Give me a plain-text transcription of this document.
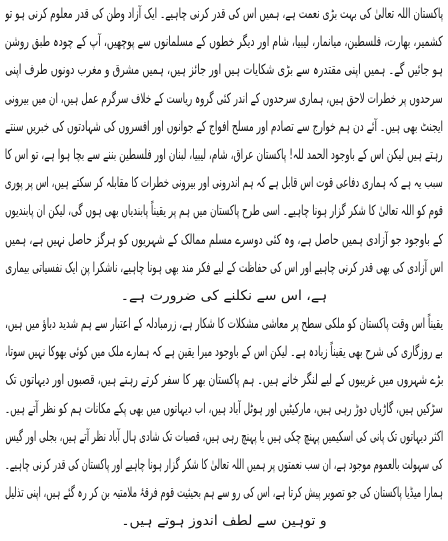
پاکستان اللہ تعالیٰ کی بہت بڑی نعمت ہے، ہمیں اس کی قدر کرنی چاہیے۔ ایک آزاد وطن کی قدر معلوم کرنی ہو تو
کشمیر، بھارت، فلسطین، میانمار، لیبیا، شام اور دیگر خطوں کے مسلمانوں سے پوچھیں، آپ کے چودہ طبق روشن
ہو جائیں گے۔ ہمیں اپنی مقتدرہ سے بڑی شکایات ہیں اور جائز ہیں، ہمیں مشرق و مغرب دونوں طرف اپنی
سرحدوں پر خطرات لاحق ہیں، ہماری سرحدوں کے اندر کئی گروہ ریاست کے خلاف سرگرم عمل ہیں، ان میں بیرونی
ایجنٹ بھی ہیں۔ آئے دن ہم خوارج سے تصادم اور مسلح افواج کے جوانوں اور افسروں کی شہادتوں کی خبریں سنتے
رہتے ہیں لیکن اس کے باوجود الحمد للہ! پاکستان عراق، شام، لیبیا، لبنان اور فلسطین بننے سے بچا ہوا ہے، تو اس کا
سبب یہ ہے کہ ہماری دفاعی قوت اس قابل ہے کہ ہم اندرونی اور بیرونی خطرات کا مقابلہ کر سکتے ہیں، اس پر پوری
قوم کو اللہ تعالیٰ کا شکر گزار ہونا چاہیے۔ اسی طرح پاکستان میں ہم پر یقیناً پابندیاں بھی ہوں گی، لیکن ان پابندیوں
کے باوجود جو آزادی ہمیں حاصل ہے، وہ کئی دوسرے مسلم ممالک کے شہریوں کو ہرگز حاصل نہیں ہے، ہمیں
اس آزادی کی بھی قدر کرنی چاہیے اور اس کی حفاظت کے لیے فکر مند بھی ہونا چاہیے، ناشکرا پن ایک نفسیاتی بیماری
ہے، اس سے نکلنے کی ضرورت ہے۔
یقیناً اس وقت پاکستان کو ملکی سطح پر معاشی مشکلات کا شکار ہے، زرمبادلہ کے اعتبار سے ہم شدید دباؤ میں ہیں،
بے روزگاری کی شرح بھی یقیناً زیادہ ہے۔ لیکن اس کے باوجود میرا یقین ہے کہ ہمارے ملک میں کوئی بھوکا نہیں سوتا،
بڑے شہروں میں غریبوں کے لیے لنگر خانے ہیں۔ ہم پاکستان بھر کا سفر کرتے رہتے ہیں، قصبوں اور دیہاتوں تک
سڑکیں ہیں، گاڑیاں دوڑ رہی ہیں، مارکیٹیں اور ہوٹل آباد ہیں، اب دیہاتوں میں بھی پکے مکانات ہم کو نظر آتے ہیں۔
اکثر دیہاتوں تک پانی کی اسکیمیں پہنچ چکی ہیں یا پہنچ رہی ہیں، قصبات تک شادی ہال آباد نظر آتے ہیں، بجلی اور گیس
کی سہولت بالعموم موجود ہے، ان سب نعمتوں پر ہمیں اللہ تعالیٰ کا شکر گزار ہونا چاہیے اور پاکستان کی قدر کرنی چاہیے۔
ہمارا میڈیا پاکستان کی جو تصویر پیش کرتا ہے، اس کی رو سے ہم بحیثیت قوم فرقۂ ملامتیہ بن کر رہ گئے ہیں، اپنی تذلیل
و توہین سے لطف اندوز ہوتے ہیں۔
